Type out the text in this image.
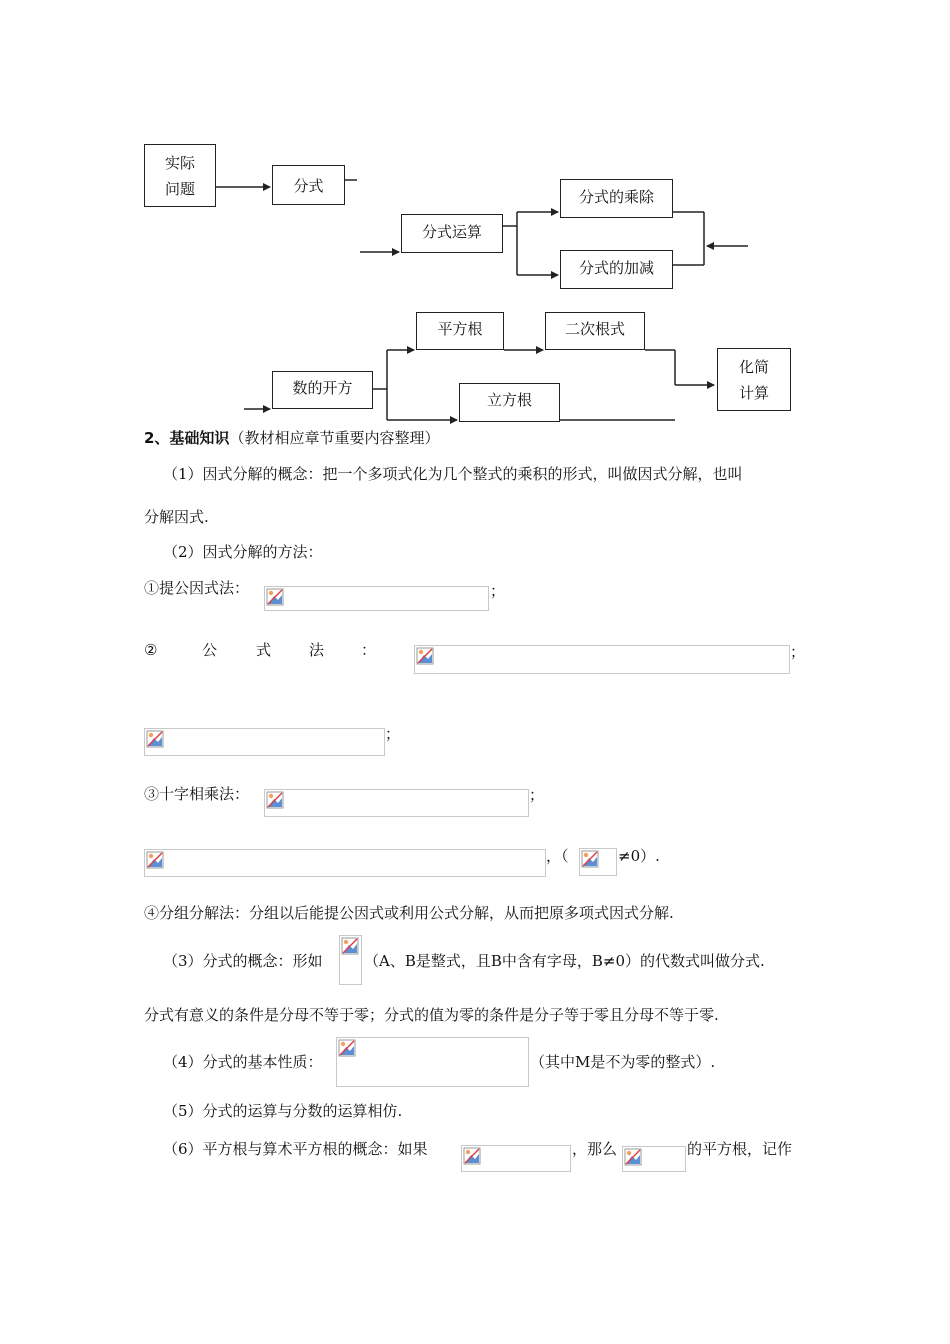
实际
问题	分式
分式运算
分式的乘除
分式的加减
数的开方
平方根
立方根
二次根式
化简
计算
2、基础知识（教材相应章节重要内容整理）
（1）因式分解的概念：把一个多项式化为几个整式的乘积的形式，叫做因式分解，也叫
分解因式.
（2）因式分解的方法：
①提公因式法：	；
②	公	式	法 ：	；
；
③十字相乘法：	；
，（	≠0）.
④分组分解法：分组以后能提公因式或利用公式分解，从而把原多项式因式分解.
（3）分式的概念：形如	（A、B是整式，且B中含有字母，B≠0）的代数式叫做分式.
分式有意义的条件是分母不等于零；分式的值为零的条件是分子等于零且分母不等于零.
（4）分式的基本性质：	（其中M是不为零的整式）.
（5）分式的运算与分数的运算相仿.
（6）平方根与算术平方根的概念：如果	，那么	的平方根，记作
